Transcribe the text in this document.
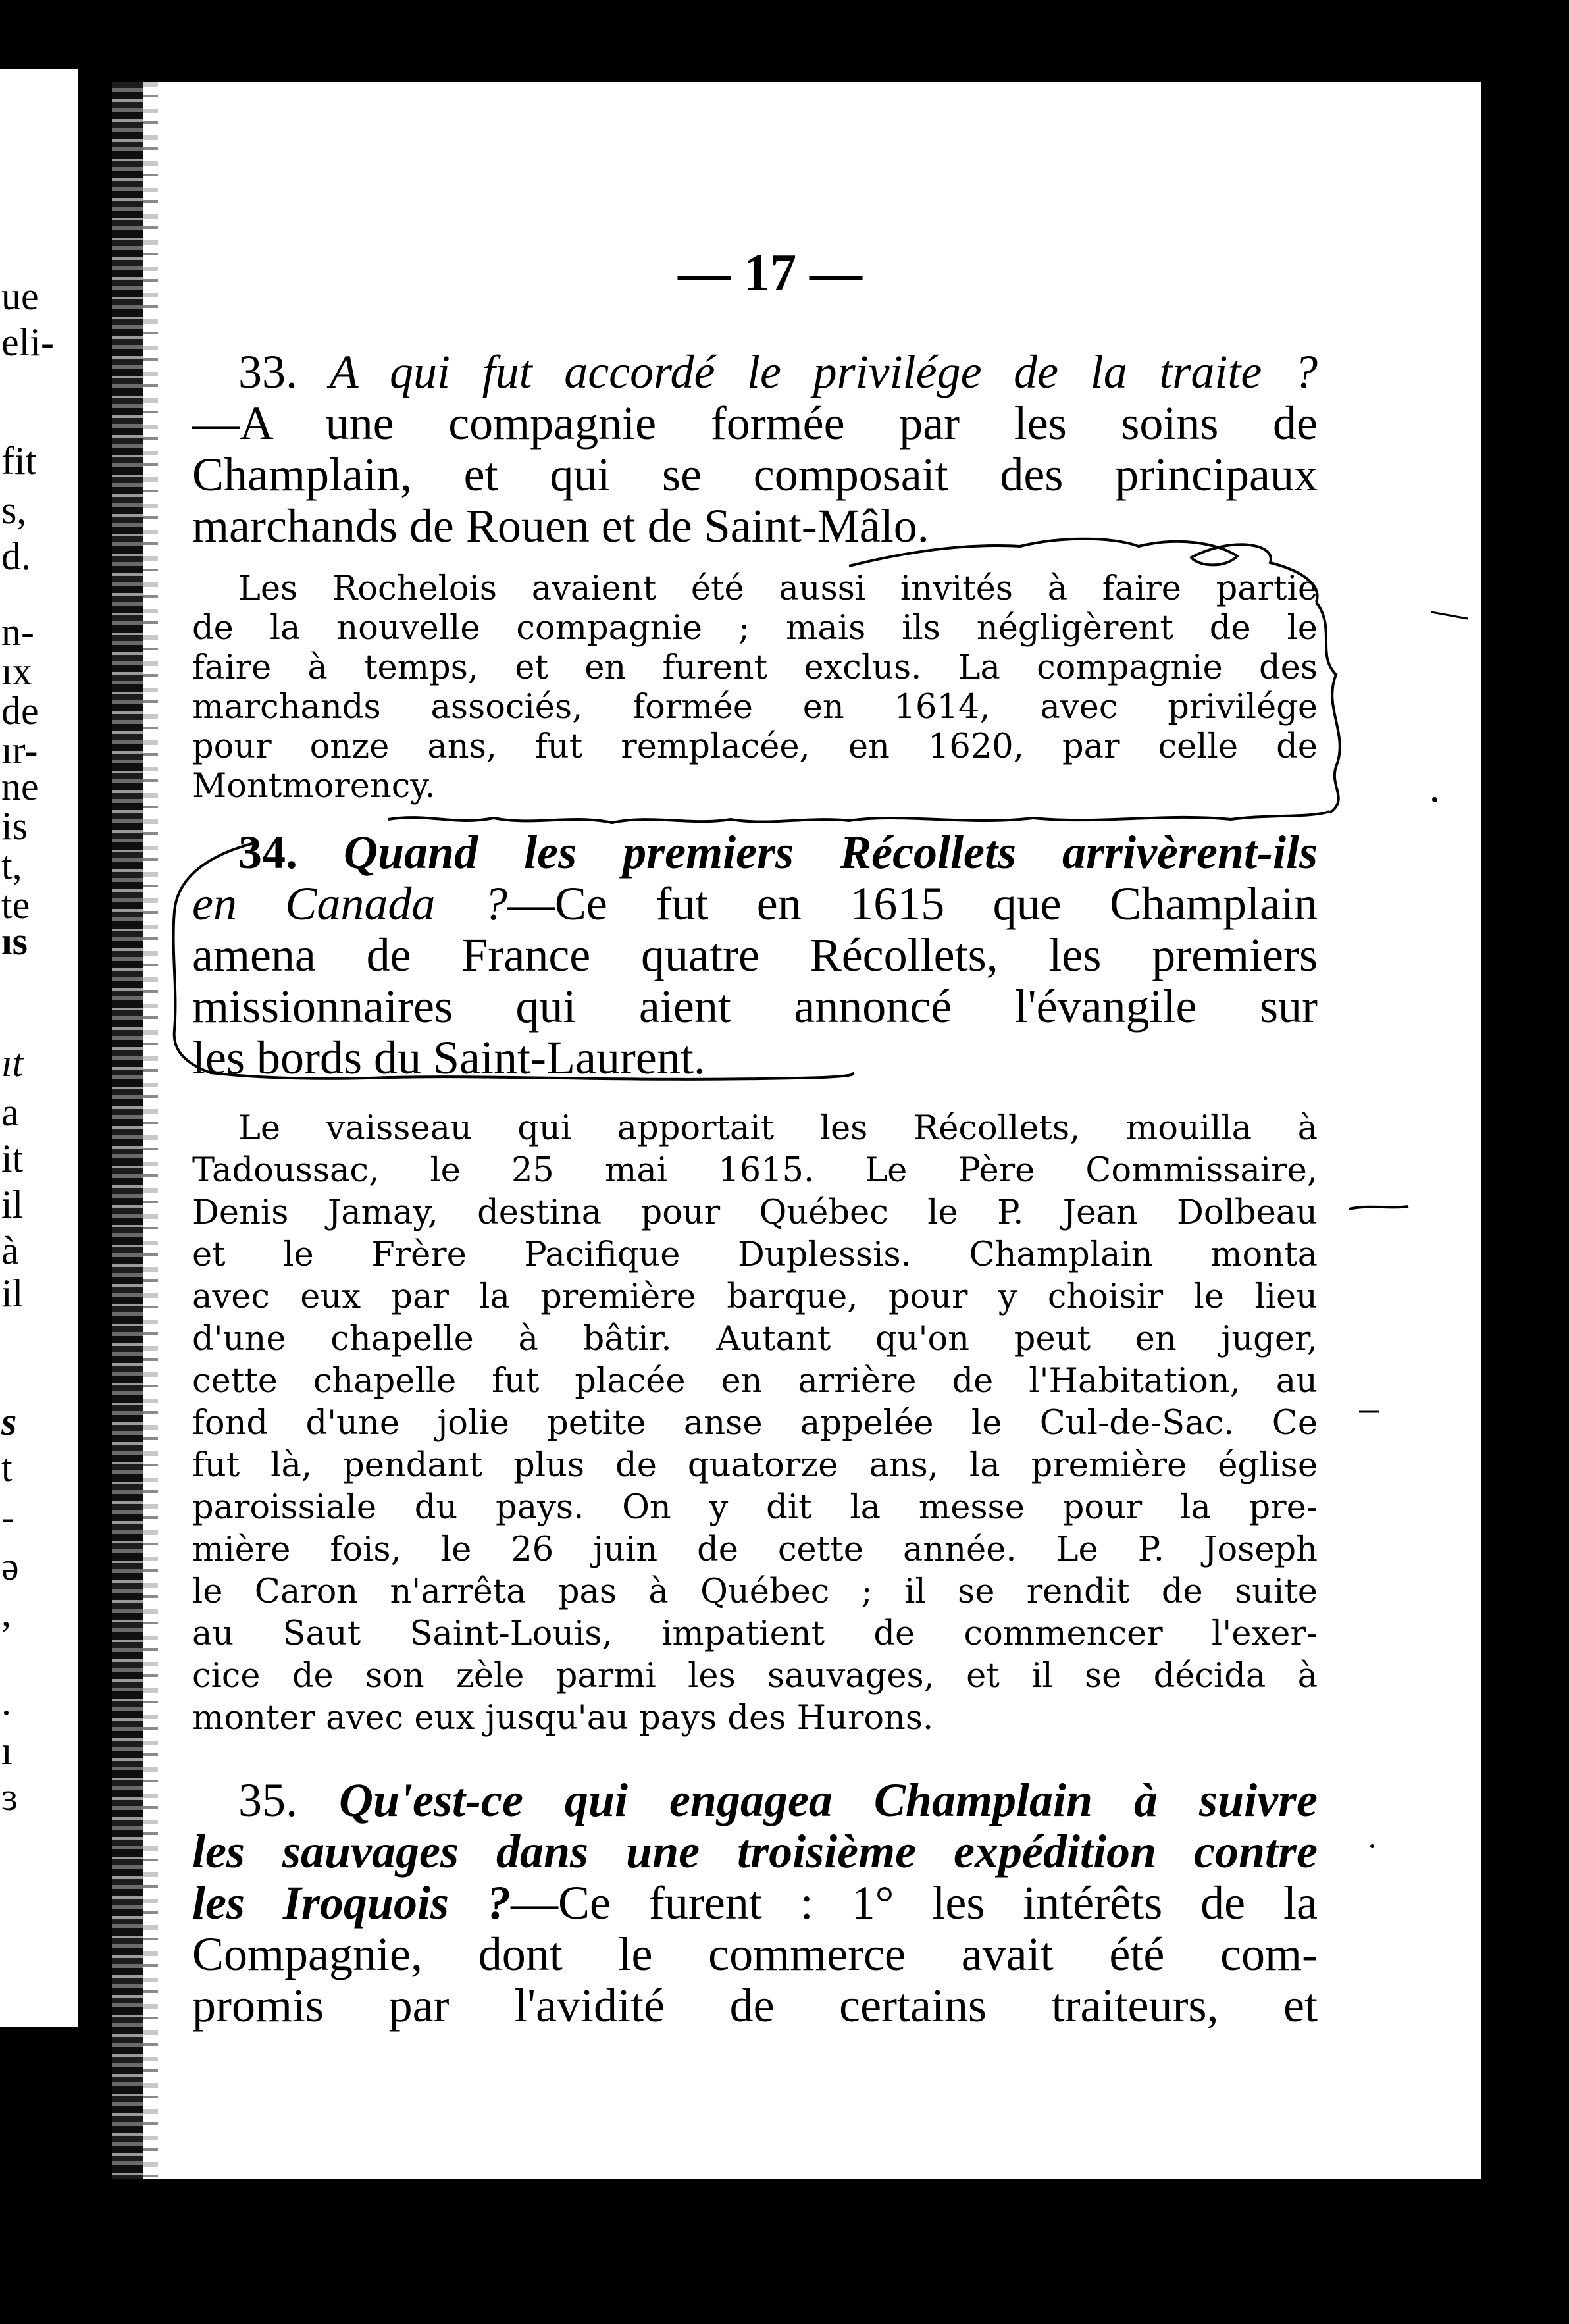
ue
eli-
fit
s,
d.
n-
ıx
de
ır-
ne
is
t,
te
ıs
ıt
a
it
il
à
il
s
t
-
ə
,
.
ı
ɜ
— 17 —

33. A qui fut accordé le privilége de la traite ?

—A une compagnie formée par les soins de

Champlain, et qui se composait des principaux

marchands de Rouen et de Saint-Mâlo.

Les Rochelois avaient été aussi invités à faire partie

de la nouvelle compagnie ; mais ils négligèrent de le

faire à temps, et en furent exclus. La compagnie des

marchands associés, formée en 1614, avec privilége

pour onze ans, fut remplacée, en 1620, par celle de

Montmorency.

34. Quand les premiers Récollets arrivèrent-ils

en Canada ?—Ce fut en 1615 que Champlain

amena de France quatre Récollets, les premiers

missionnaires qui aient annoncé l'évangile sur

les bords du Saint-Laurent.

Le vaisseau qui apportait les Récollets, mouilla à

Tadoussac, le 25 mai 1615. Le Père Commissaire,

Denis Jamay, destina pour Québec le P. Jean Dolbeau

et le Frère Pacifique Duplessis. Champlain monta

avec eux par la première barque, pour y choisir le lieu

d'une chapelle à bâtir. Autant qu'on peut en juger,

cette chapelle fut placée en arrière de l'Habitation, au

fond d'une jolie petite anse appelée le Cul-de-Sac. Ce

fut là, pendant plus de quatorze ans, la première église

paroissiale du pays. On y dit la messe pour la pre-

mière fois, le 26 juin de cette année. Le P. Joseph

le Caron n'arrêta pas à Québec ; il se rendit de suite

au Saut Saint-Louis, impatient de commencer l'exer-

cice de son zèle parmi les sauvages, et il se décida à

monter avec eux jusqu'au pays des Hurons.

35. Qu'est-ce qui engagea Champlain à suivre

les sauvages dans une troisième expédition contre

les Iroquois ?—Ce furent : 1° les intérêts de la

Compagnie, dont le commerce avait été com-

promis par l'avidité de certains traiteurs, et
